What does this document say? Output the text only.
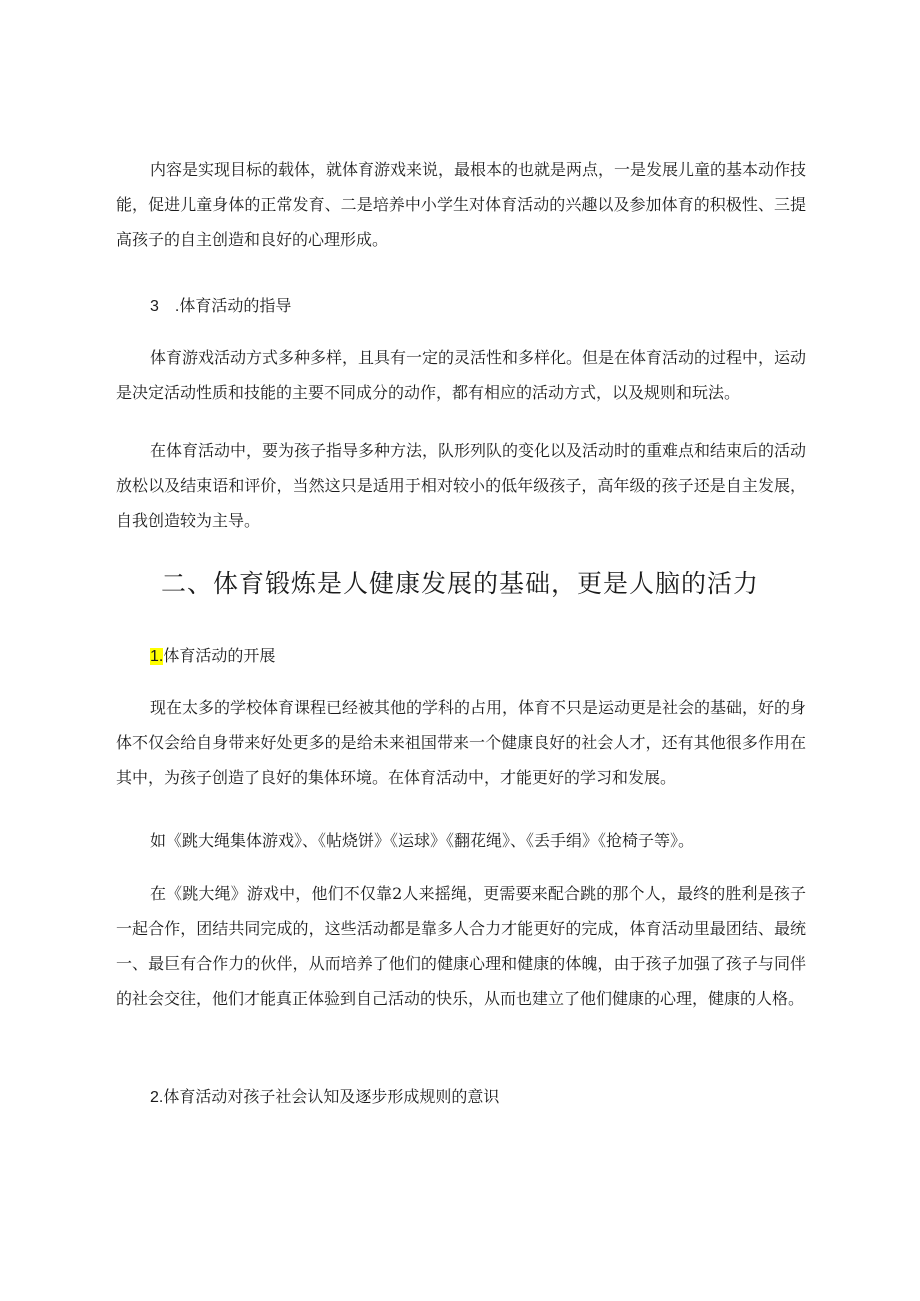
内容是实现目标的载体，就体育游戏来说，最根本的也就是两点，一是发展儿童的基本动作技能，促进儿童身体的正常发育、二是培养中小学生对体育活动的兴趣以及参加体育的积极性、三提高孩子的自主创造和良好的心理形成。

3　.体育活动的指导

体育游戏活动方式多种多样，且具有一定的灵活性和多样化。但是在体育活动的过程中，运动是决定活动性质和技能的主要不同成分的动作，都有相应的活动方式，以及规则和玩法。

在体育活动中，要为孩子指导多种方法，队形列队的变化以及活动时的重难点和结束后的活动放松以及结束语和评价，当然这只是适用于相对较小的低年级孩子，高年级的孩子还是自主发展，自我创造较为主导。

二、体育锻炼是人健康发展的基础，更是人脑的活力
1.体育活动的开展

现在太多的学校体育课程已经被其他的学科的占用，体育不只是运动更是社会的基础，好的身体不仅会给自身带来好处更多的是给未来祖国带来一个健康良好的社会人才，还有其他很多作用在其中，为孩子创造了良好的集体环境。在体育活动中，才能更好的学习和发展。

如《跳大绳集体游戏》、《帖烧饼》《运球》《翻花绳》、《丢手绢》《抢椅子等》。

在《跳大绳》游戏中，他们不仅靠2人来摇绳，更需要来配合跳的那个人，最终的胜利是孩子一起合作，团结共同完成的，这些活动都是靠多人合力才能更好的完成，体育活动里最团结、最统一、最巨有合作力的伙伴，从而培养了他们的健康心理和健康的体魄，由于孩子加强了孩子与同伴的社会交往，他们才能真正体验到自己活动的快乐，从而也建立了他们健康的心理，健康的人格。

2.体育活动对孩子社会认知及逐步形成规则的意识
